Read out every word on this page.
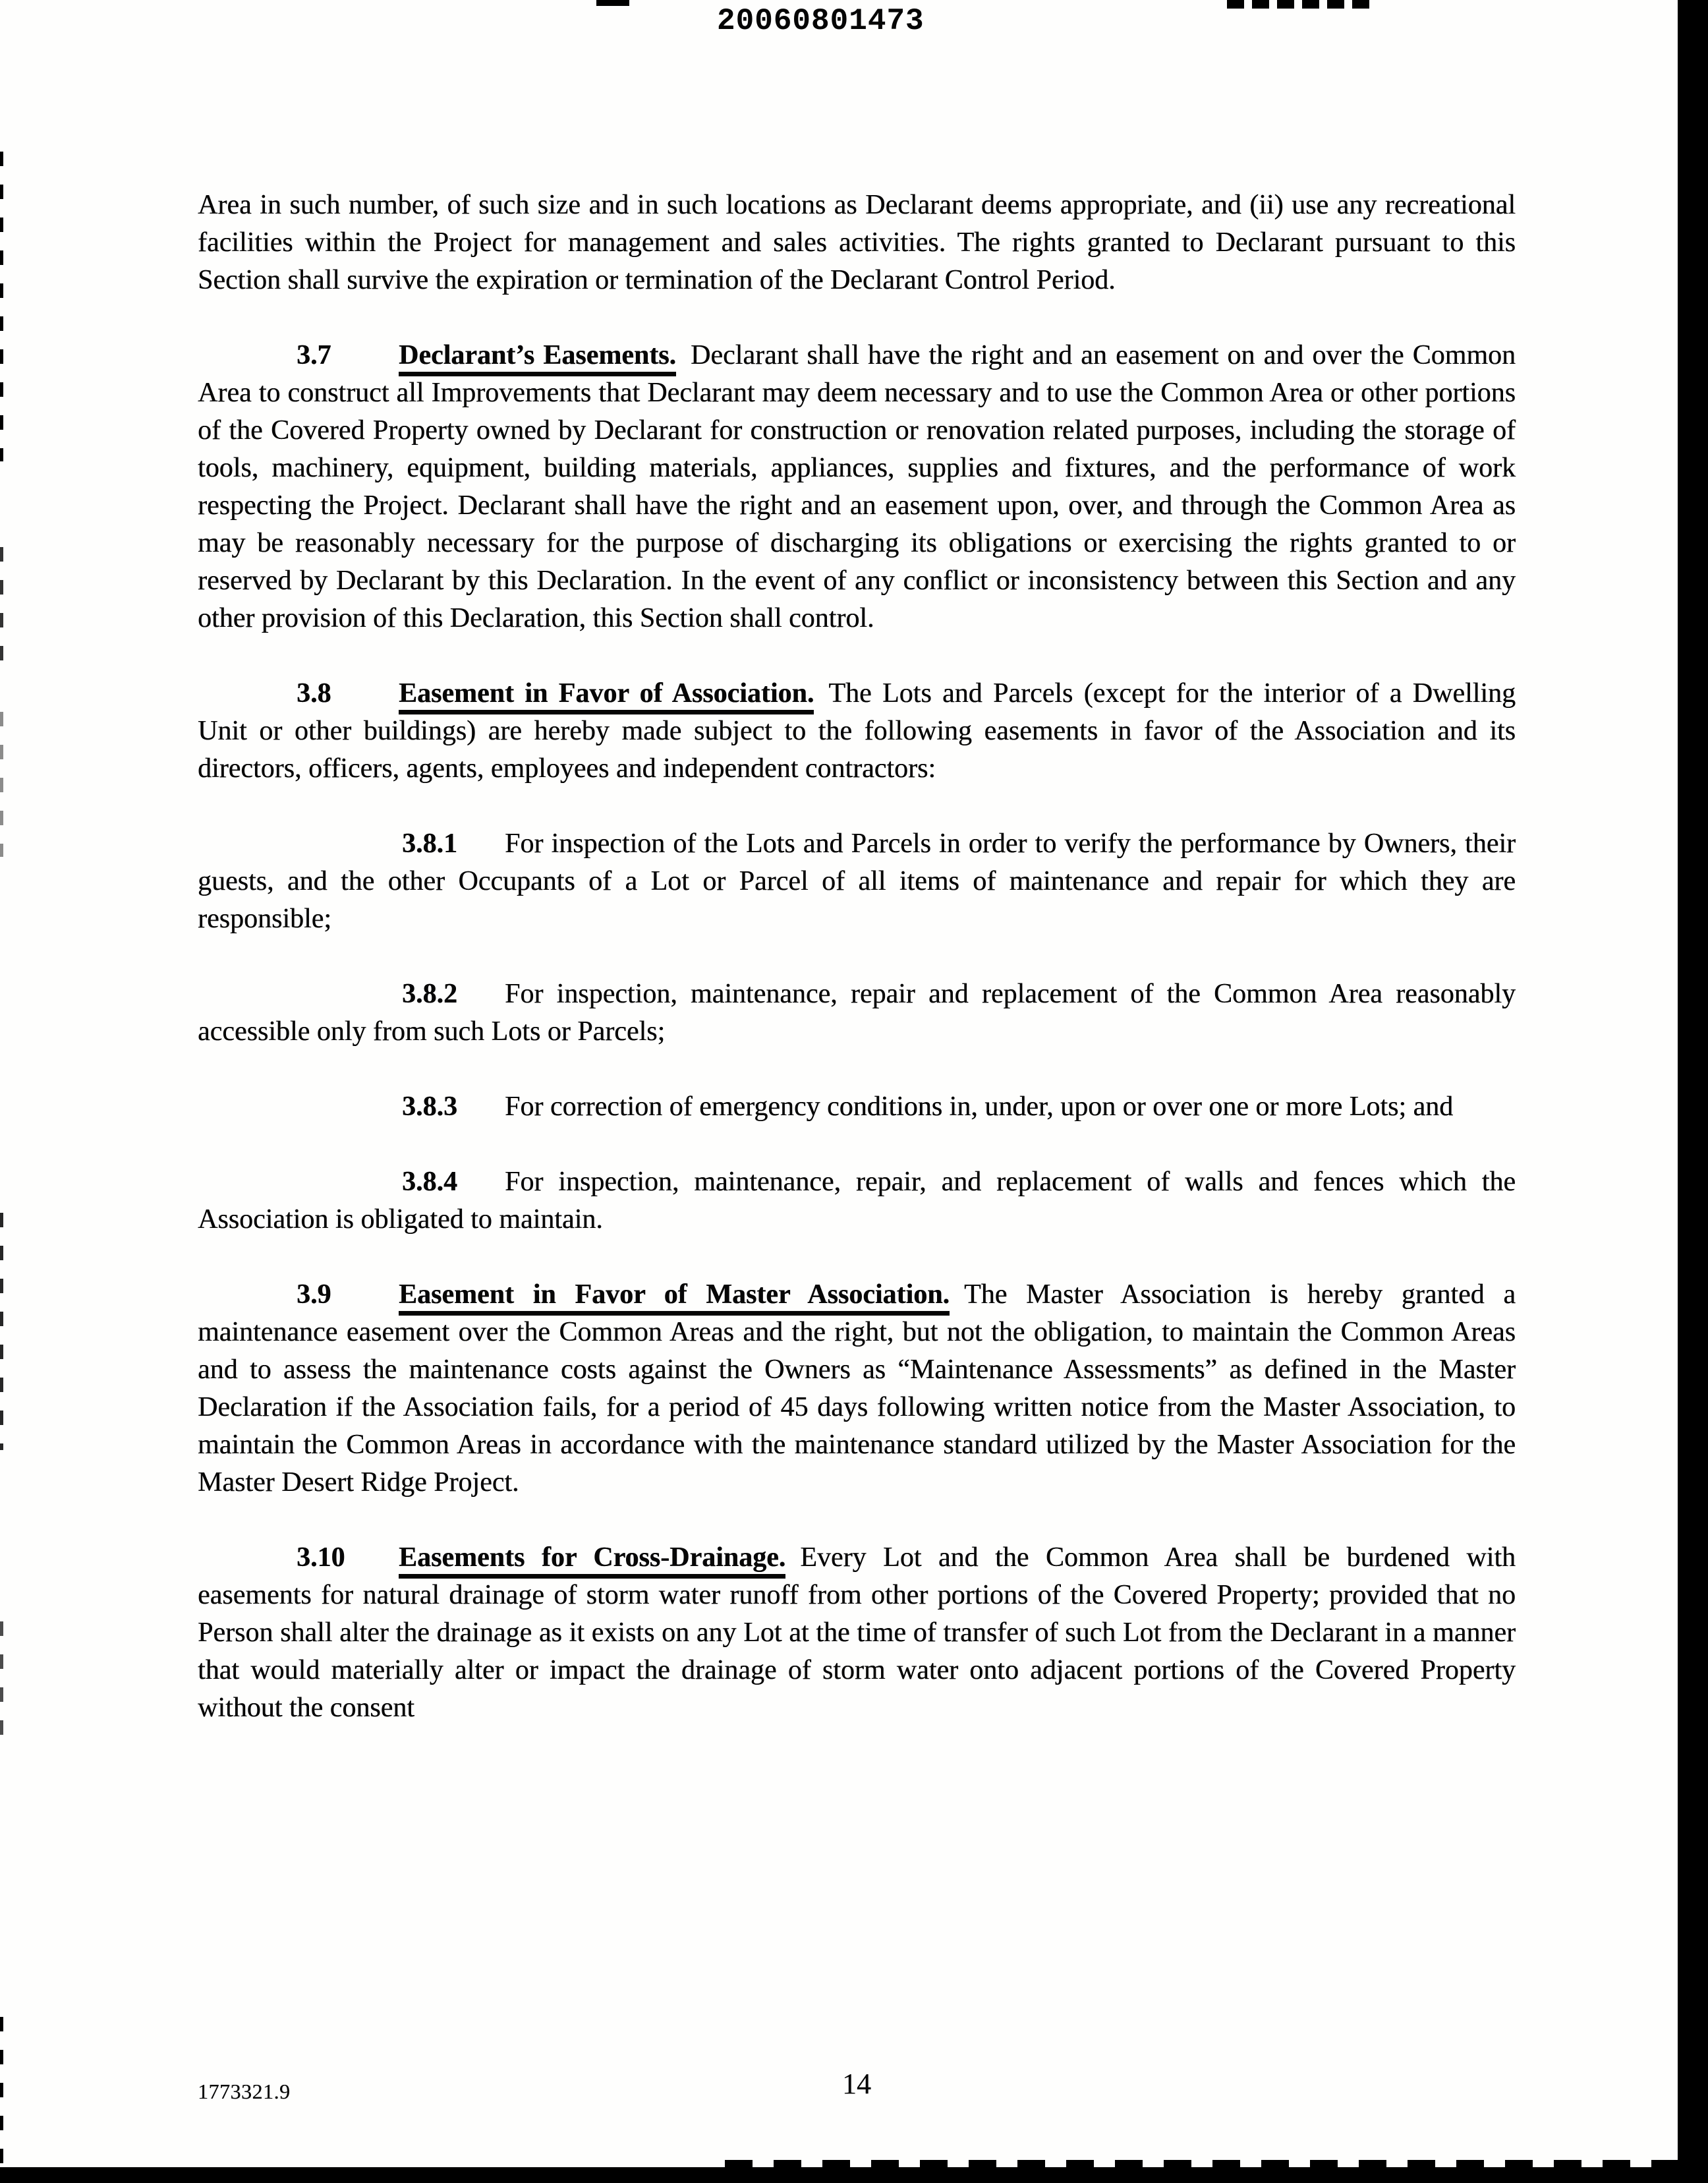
20060801473

Area in such number, of such size and in such locations as Declarant deems appropriate, and (ii) use any recreational facilities within the Project for management and sales activities. The rights granted to Declarant pursuant to this Section shall survive the expiration or termination of the Declarant Control Period.

3.7 Declarant’s Easements. Declarant shall have the right and an easement on and over the Common Area to construct all Improvements that Declarant may deem necessary and to use the Common Area or other portions of the Covered Property owned by Declarant for construction or renovation related purposes, including the storage of tools, machinery, equipment, building materials, appliances, supplies and fixtures, and the performance of work respecting the Project. Declarant shall have the right and an easement upon, over, and through the Common Area as may be reasonably necessary for the purpose of discharging its obligations or exercising the rights granted to or reserved by Declarant by this Declaration. In the event of any conflict or inconsistency between this Section and any other provision of this Declaration, this Section shall control.

3.8 Easement in Favor of Association. The Lots and Parcels (except for the interior of a Dwelling Unit or other buildings) are hereby made subject to the following easements in favor of the Association and its directors, officers, agents, employees and independent contractors:

3.8.1 For inspection of the Lots and Parcels in order to verify the performance by Owners, their guests, and the other Occupants of a Lot or Parcel of all items of maintenance and repair for which they are responsible;

3.8.2 For inspection, maintenance, repair and replacement of the Common Area reasonably accessible only from such Lots or Parcels;

3.8.3 For correction of emergency conditions in, under, upon or over one or more Lots; and

3.8.4 For inspection, maintenance, repair, and replacement of walls and fences which the Association is obligated to maintain.

3.9 Easement in Favor of Master Association. The Master Association is hereby granted a maintenance easement over the Common Areas and the right, but not the obligation, to maintain the Common Areas and to assess the maintenance costs against the Owners as “Maintenance Assessments” as defined in the Master Declaration if the Association fails, for a period of 45 days following written notice from the Master Association, to maintain the Common Areas in accordance with the maintenance standard utilized by the Master Association for the Master Desert Ridge Project.

3.10 Easements for Cross-Drainage. Every Lot and the Common Area shall be burdened with easements for natural drainage of storm water runoff from other portions of the Covered Property; provided that no Person shall alter the drainage as it exists on any Lot at the time of transfer of such Lot from the Declarant in a manner that would materially alter or impact the drainage of storm water onto adjacent portions of the Covered Property without the consent

1773321.9	14
